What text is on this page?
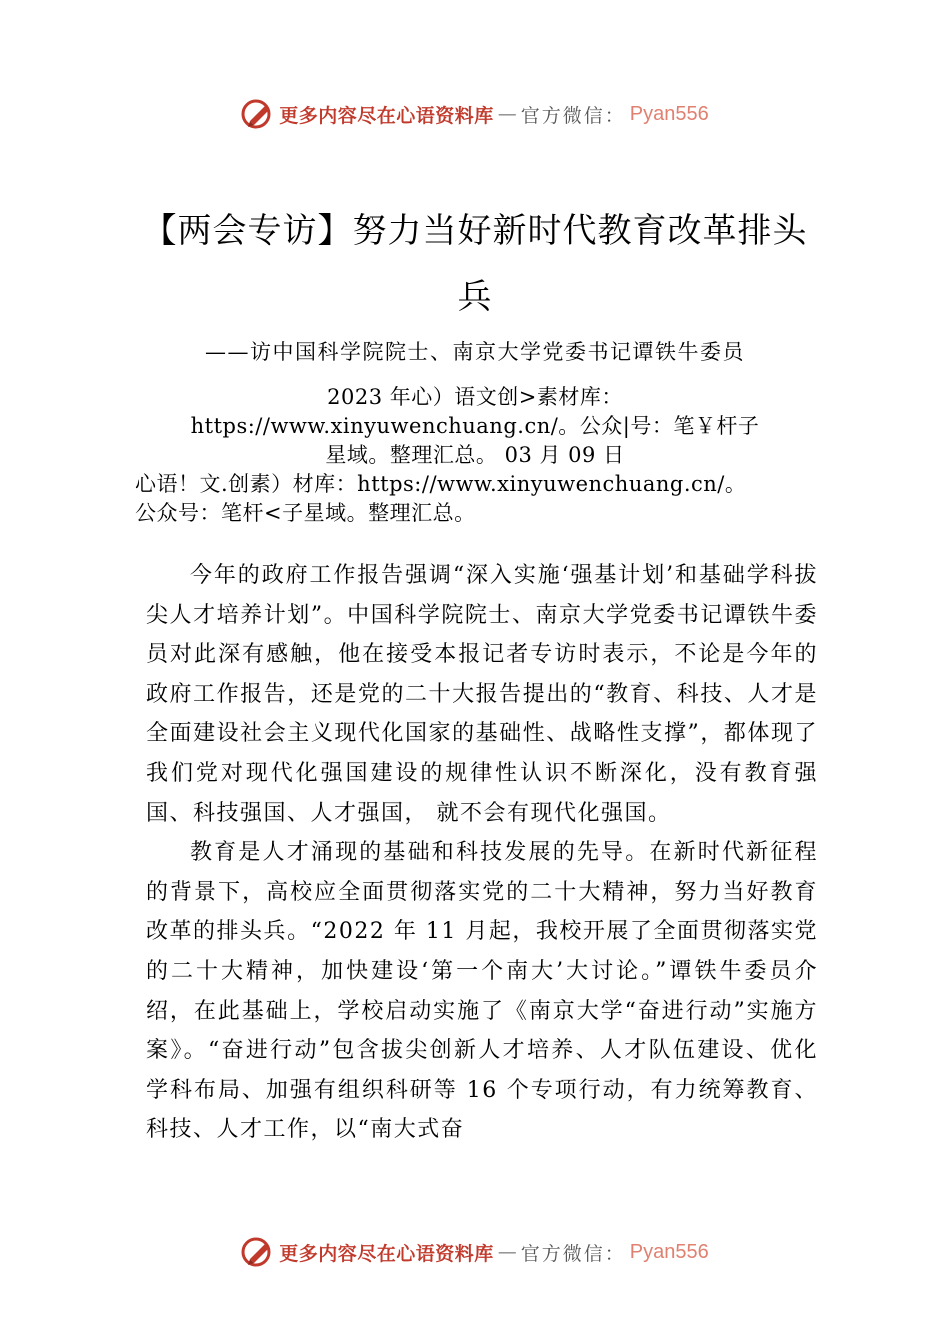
更多内容尽在心语资料库 — 官方微信： Pyan556
【两会专访】努力当好新时代教育改革排头兵
——访中国科学院院士、南京大学党委书记谭铁牛委员
2023 年心）语文创>素材库：
https://www.xinyuwenchuang.cn/。公众|号：笔￥杆子
星域。整理汇总。 03 月 09 日
心语！文.创素）材库：https://www.xinyuwenchuang.cn/。
公众号：笔杆<子星域。整理汇总。

今年的政府工作报告强调“深入实施‘强基计划’和基础学科拔尖人才培养计划”。中国科学院院士、南京大学党委书记谭铁牛委员对此深有感触，他在接受本报记者专访时表示，不论是今年的政府工作报告，还是党的二十大报告提出的“教育、科技、人才是全面建设社会主义现代化国家的基础性、战略性支撑”，都体现了我们党对现代化强国建设的规律性认识不断深化，没有教育强国、科技强国、人才强国， 就不会有现代化强国。

教育是人才涌现的基础和科技发展的先导。在新时代新征程的背景下，高校应全面贯彻落实党的二十大精神，努力当好教育改革的排头兵。“2022 年 11 月起，我校开展了全面贯彻落实党的二十大精神，加快建设‘第一个南大’大讨论。”谭铁牛委员介绍，在此基础上，学校启动实施了《南京大学“奋进行动”实施方案》。“奋进行动”包含拔尖创新人才培养、人才队伍建设、优化学科布局、加强有组织科研等 16 个专项行动，有力统筹教育、科技、人才工作，以“南大式奋

更多内容尽在心语资料库 — 官方微信： Pyan556
